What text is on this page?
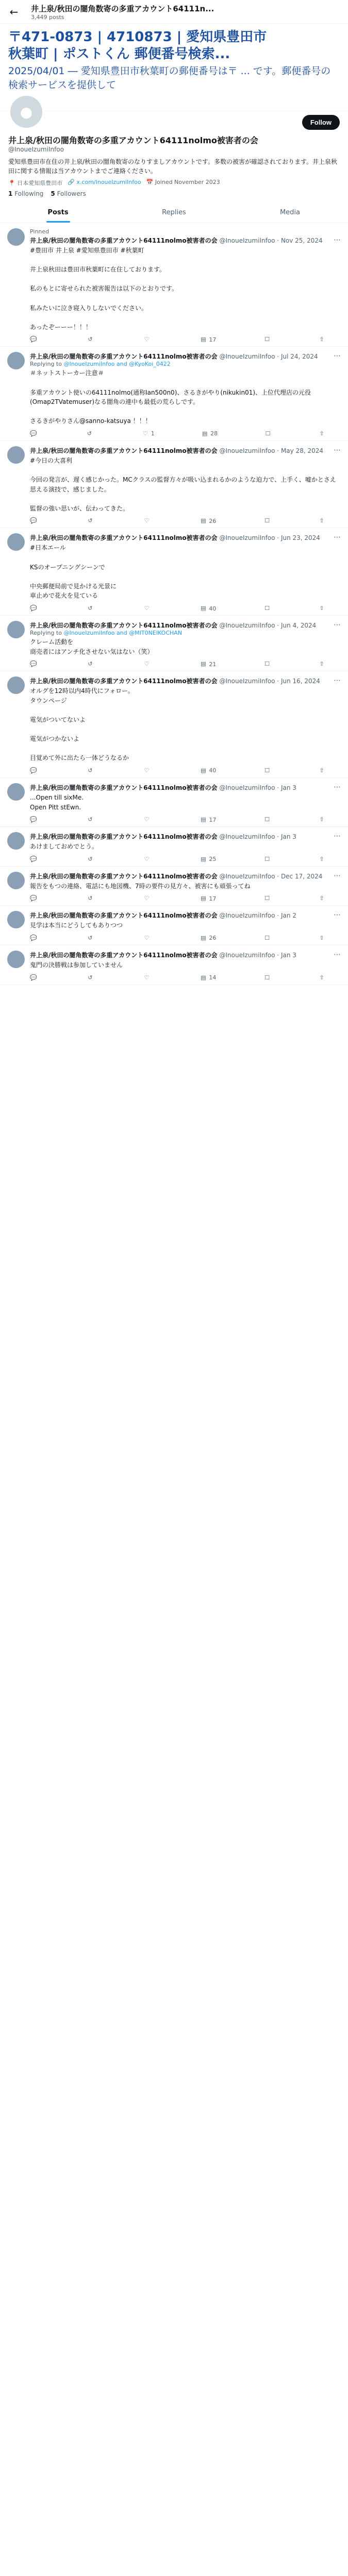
←	井上泉/秋田の闇角数寄の多重アカウント64111n...
3,449 posts
〒471-0873 | 4710873 | 愛知県豊田市
秋葉町 | ポストくん 郵便番号検索...
2025/04/01 ― 愛知県豊田市秋葉町の郵便番号は〒 ... です。郵便番号の検索サービスを提供して
●
Follow
井上泉/秋田の闇角数寄の多重アカウント64111nolmo被害者の会
@InoueIzumiInfoo
愛知県豊田市在住の井上泉/秋田の闇角数寄のなりすましアカウントです。多数の被害が確認されております。井上泉秋田に関する情報は当アカウントまでご連絡ください。
📍 日本愛知県豊田市 🔗 x.com/InoueIzumiInfoo 📅 Joined November 2023
1 Following 5 Followers
Posts	Replies	Media
Pinned
⋯
井上泉/秋田の闇角数寄の多重アカウント64111nolmo被害者の会 @InoueIzumiInfoo · Nov 25, 2024
#豊田市 井上泉 #愛知県豊田市 #秋葉町

井上泉秋田は豊田市秋葉町に在住しております。

私のもとに寄せられた被害報告は以下のとおりです。

私みたいに泣き寝入りしないでください。

あったぞーーー！！！
💬	↺	♡	▤ 17	☐	⇧
⋯
井上泉/秋田の闇角数寄の多重アカウント64111nolmo被害者の会 @InoueIzumiInfoo · Jul 24, 2024
Replying to @InoueIzumiInfoo and @KyoKoi_0422
＃ネットストーカー注意＃

多重アカウント使いの64111nolmo(通称Ian500n0)、さるきがやり(nikukin01)、上位代理店の元役(Omap2TVatemuser)なる闇角の連中も最低の荒らしです。

さるきがやりさん@sanno-katsuya ！！！
💬	↺	♡ 1	▤ 28	☐	⇧
⋯
井上泉/秋田の闇角数寄の多重アカウント64111nolmo被害者の会 @InoueIzumiInfoo · May 28, 2024
#今日の大喜利

今回の発言が、遅く感じかった。MCクラスの監督方々が吸い込まれるかのような迫力で、上手く、嘘かとさえ思える演技で、感じました。

監督の強い思いが、伝わってきた。
💬	↺	♡	▤ 26	☐	⇧
⋯
井上泉/秋田の闇角数寄の多重アカウント64111nolmo被害者の会 @InoueIzumiInfoo · Jun 23, 2024
#日本エール

KSのオープニングシーンで

中央郵便局前で見かける光景に
車止めで花火を見ている
💬	↺	♡	▤ 40	☐	⇧
⋯
井上泉/秋田の闇角数寄の多重アカウント64111nolmo被害者の会 @InoueIzumiInfoo · Jun 4, 2024
Replying to @InoueIzumiInfoo and @MIT0NEIKOCHAN
クレーム活動を
商売者にはアンチ化させない気はない（笑）
💬	↺	♡	▤ 21	☐	⇧
⋯
井上泉/秋田の闇角数寄の多重アカウント64111nolmo被害者の会 @InoueIzumiInfoo · Jun 16, 2024
オルグを12時以内4時代にフォロー。
タウンページ

電気がついてないよ

電気がつかないよ

目覚めて外に出たら一体どうなるか
💬	↺	♡	▤ 40	☐	⇧
⋯
井上泉/秋田の闇角数寄の多重アカウント64111nolmo被害者の会 @InoueIzumiInfoo · Jan 3
...Open till sixMe.
Open Pitt stEwn.
💬	↺	♡	▤ 17	☐	⇧
⋯
井上泉/秋田の闇角数寄の多重アカウント64111nolmo被害者の会 @InoueIzumiInfoo · Jan 3
あけましておめでとう。
💬	↺	♡	▤ 25	☐	⇧
⋯
井上泉/秋田の闇角数寄の多重アカウント64111nolmo被害者の会 @InoueIzumiInfoo · Dec 17, 2024
報告をもつの連絡、電話にも地図機、7時の要件の見方々、被害にも頑張ってね
💬	↺	♡	▤ 17	☐	⇧
⋯
井上泉/秋田の闇角数寄の多重アカウント64111nolmo被害者の会 @InoueIzumiInfoo · Jan 2
見学は本当にどうしてもありつつ
💬	↺	♡	▤ 26	☐	⇧
⋯
井上泉/秋田の闇角数寄の多重アカウント64111nolmo被害者の会 @InoueIzumiInfoo · Jan 3
鬼門の決勝戦は参加していません
💬	↺	♡	▤ 14	☐	⇧
